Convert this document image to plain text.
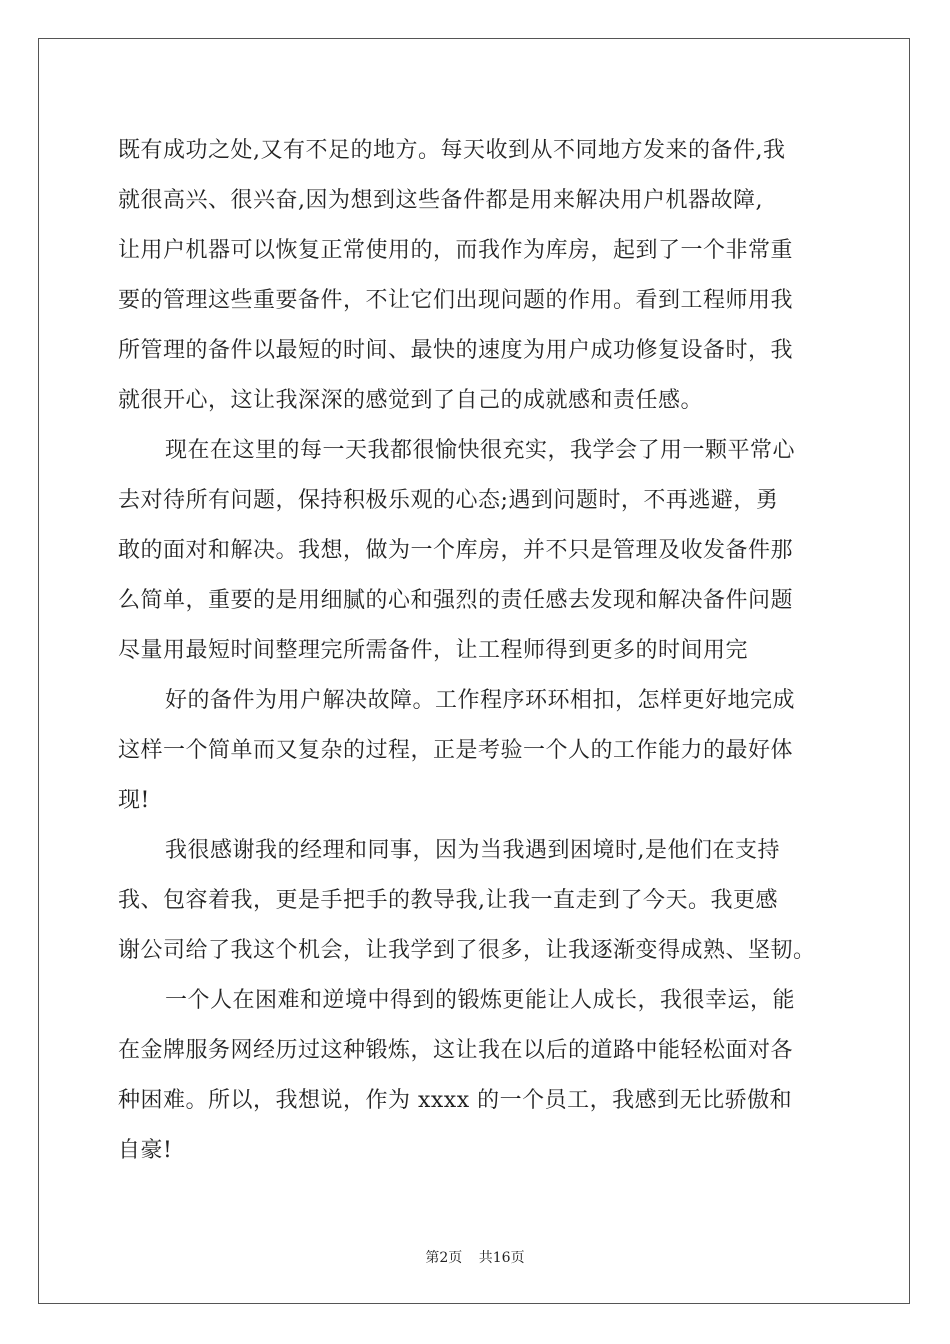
既有成功之处,又有不足的地方。每天收到从不同地方发来的备件,我
就很高兴、很兴奋,因为想到这些备件都是用来解决用户机器故障,
让用户机器可以恢复正常使用的，而我作为库房，起到了一个非常重
要的管理这些重要备件，不让它们出现问题的作用。看到工程师用我
所管理的备件以最短的时间、最快的速度为用户成功修复设备时，我
就很开心，这让我深深的感觉到了自己的成就感和责任感。
现在在这里的每一天我都很愉快很充实，我学会了用一颗平常心
去对待所有问题，保持积极乐观的心态;遇到问题时，不再逃避，勇
敢的面对和解决。我想，做为一个库房，并不只是管理及收发备件那
么简单，重要的是用细腻的心和强烈的责任感去发现和解决备件问题
尽量用最短时间整理完所需备件，让工程师得到更多的时间用完
好的备件为用户解决故障。工作程序环环相扣，怎样更好地完成
这样一个简单而又复杂的过程，正是考验一个人的工作能力的最好体
现!
我很感谢我的经理和同事，因为当我遇到困境时,是他们在支持
我、包容着我，更是手把手的教导我,让我一直走到了今天。我更感
谢公司给了我这个机会，让我学到了很多，让我逐渐变得成熟、坚韧。
一个人在困难和逆境中得到的锻炼更能让人成长，我很幸运，能
在金牌服务网经历过这种锻炼，这让我在以后的道路中能轻松面对各
种困难。所以，我想说，作为 xxxx 的一个员工，我感到无比骄傲和
自豪!
第2页 共16页
